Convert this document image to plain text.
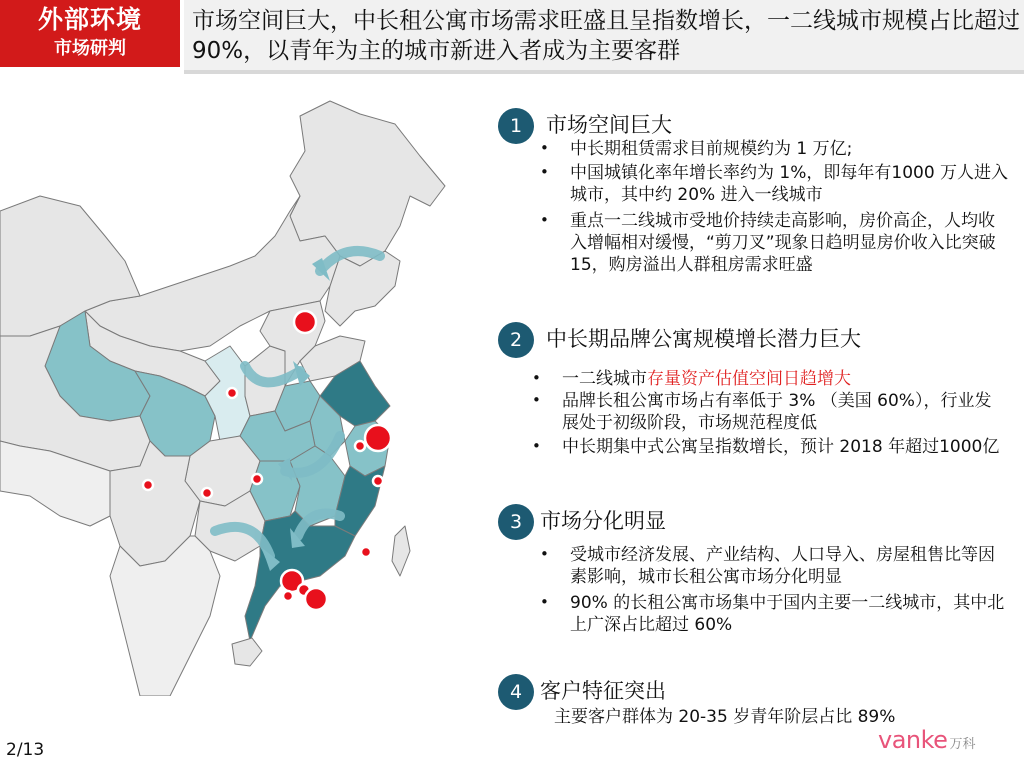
外部环境
市场研判
市场空间巨大，中长租公寓市场需求旺盛且呈指数增长，一二线城市规模占比超过 90%，以青年为主的城市新进入者成为主要客群
1	市场空间巨大
• 中长期租赁需求目前规模约为 1 万亿;
• 中国城镇化率年增长率约为 1%，即每年有1000 万人进入城市，其中约 20% 进入一线城市
• 重点一二线城市受地价持续走高影响，房价高企，人均收入增幅相对缓慢，“剪刀叉”现象日趋明显房价收入比突破 15，购房溢出人群租房需求旺盛
2	中长期品牌公寓规模增长潜力巨大
• 一二线城市存量资产估值空间日趋增大
• 品牌长租公寓市场占有率低于 3% （美国 60%），行业发展处于初级阶段，市场规范程度低
• 中长期集中式公寓呈指数增长，预计 2018 年超过1000亿
3 市场分化明显
• 受城市经济发展、产业结构、人口导入、房屋租售比等因素影响，城市长租公寓市场分化明显
• 90% 的长租公寓市场集中于国内主要一二线城市，其中北上广深占比超过 60%
4 客户特征突出
主要客户群体为 20-35 岁青年阶层占比 89%
2/13	vanke 万科
